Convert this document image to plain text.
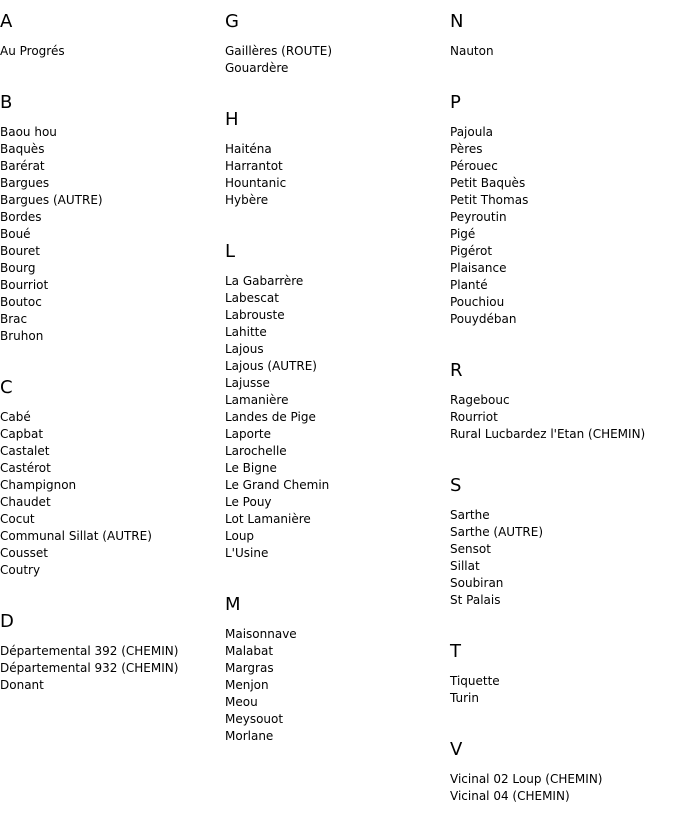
A
Au Progrés
B
Baou hou
Baquès
Barérat
Bargues
Bargues (AUTRE)
Bordes
Boué
Bouret
Bourg
Bourriot
Boutoc
Brac
Bruhon
C
Cabé
Capbat
Castalet
Castérot
Champignon
Chaudet
Cocut
Communal Sillat (AUTRE)
Cousset
Coutry
D
Départemental 392 (CHEMIN)
Départemental 932 (CHEMIN)
Donant
G
Gaillères (ROUTE)
Gouardère
H
Haiténa
Harrantot
Hountanic
Hybère
L
La Gabarrère
Labescat
Labrouste
Lahitte
Lajous
Lajous (AUTRE)
Lajusse
Lamanière
Landes de Pige
Laporte
Larochelle
Le Bigne
Le Grand Chemin
Le Pouy
Lot Lamanière
Loup
L'Usine
M
Maisonnave
Malabat
Margras
Menjon
Meou
Meysouot
Morlane
N
Nauton
P
Pajoula
Pères
Pérouec
Petit Baquès
Petit Thomas
Peyroutin
Pigé
Pigérot
Plaisance
Planté
Pouchiou
Pouydéban
R
Ragebouc
Rourriot
Rural Lucbardez l'Etan (CHEMIN)
S
Sarthe
Sarthe (AUTRE)
Sensot
Sillat
Soubiran
St Palais
T
Tiquette
Turin
V
Vicinal 02 Loup (CHEMIN)
Vicinal 04 (CHEMIN)
